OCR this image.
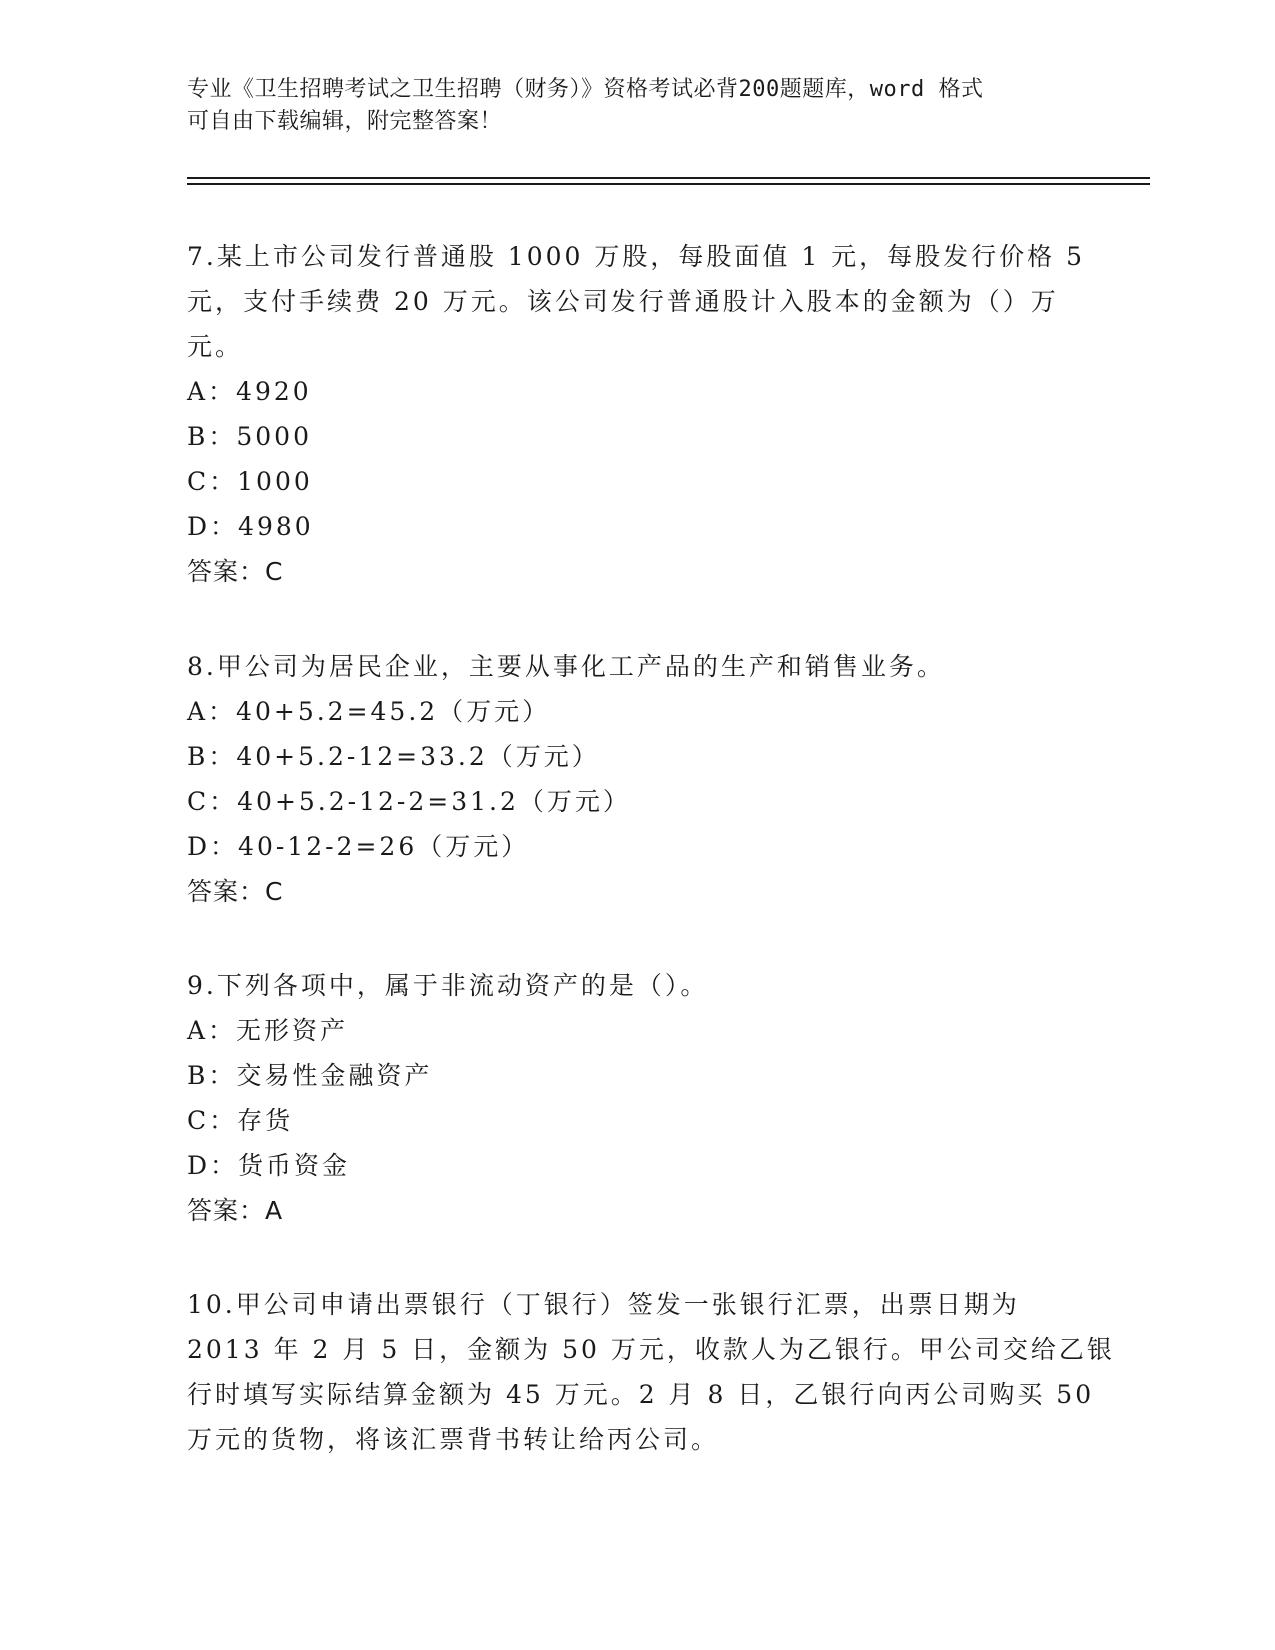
专业《卫生招聘考试之卫生招聘（财务）》资格考试必背200题题库，word 格式
可自由下载编辑，附完整答案！
7.某上市公司发行普通股 1000 万股，每股面值 1 元，每股发行价格 5
元，支付手续费 20 万元。该公司发行普通股计入股本的金额为（）万
元。
A：4920
B：5000
C：1000
D：4980
答案：C
8.甲公司为居民企业，主要从事化工产品的生产和销售业务。
A：40+5.2=45.2（万元）
B：40+5.2-12=33.2（万元）
C：40+5.2-12-2=31.2（万元）
D：40-12-2=26（万元）
答案：C
9.下列各项中，属于非流动资产的是（）。
A：无形资产
B：交易性金融资产
C：存货
D：货币资金
答案：A
10.甲公司申请出票银行（丁银行）签发一张银行汇票，出票日期为
2013 年 2 月 5 日，金额为 50 万元，收款人为乙银行。甲公司交给乙银
行时填写实际结算金额为 45 万元。2 月 8 日，乙银行向丙公司购买 50
万元的货物，将该汇票背书转让给丙公司。
